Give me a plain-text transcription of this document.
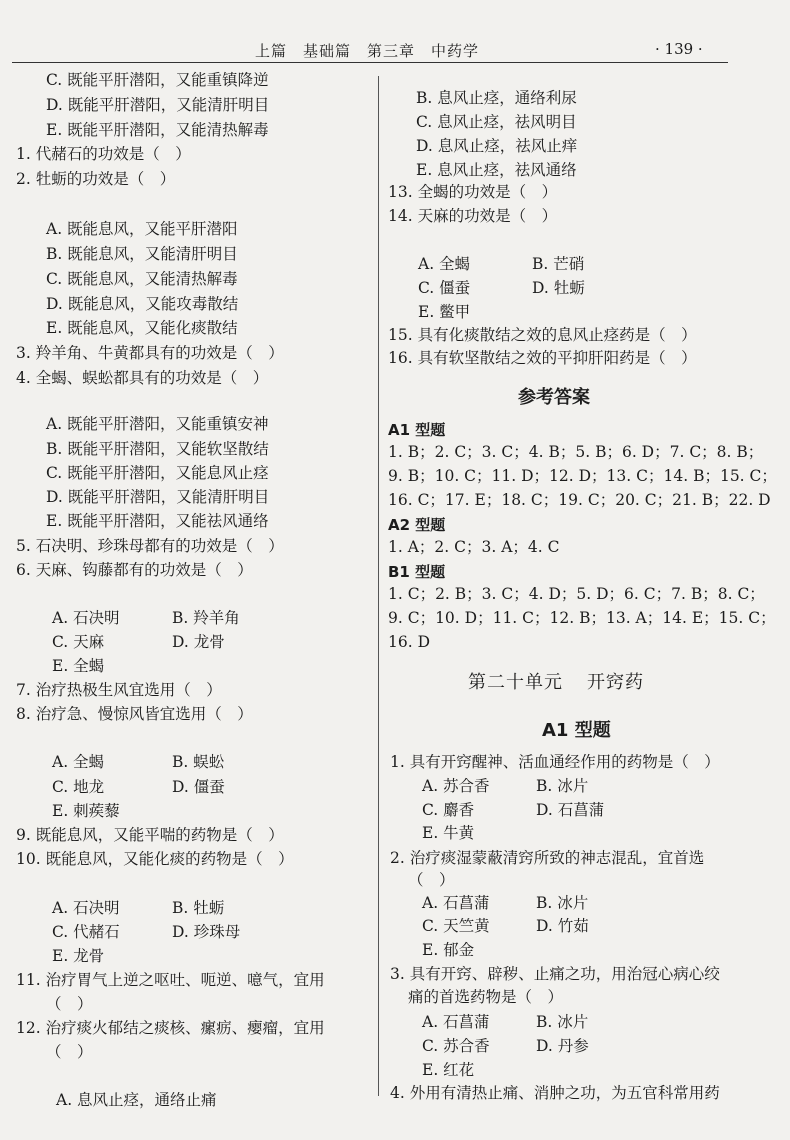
上篇　基础篇　第三章　中药学	· 139 ·
C. 既能平肝潜阳，又能重镇降逆
D. 既能平肝潜阳，又能清肝明目
E. 既能平肝潜阳，又能清热解毒
1. 代赭石的功效是（　）
2. 牡蛎的功效是（　）
A. 既能息风，又能平肝潜阳
B. 既能息风，又能清肝明目
C. 既能息风，又能清热解毒
D. 既能息风，又能攻毒散结
E. 既能息风，又能化痰散结
3. 羚羊角、牛黄都具有的功效是（　）
4. 全蝎、蜈蚣都具有的功效是（　）
A. 既能平肝潜阳，又能重镇安神
B. 既能平肝潜阳，又能软坚散结
C. 既能平肝潜阳，又能息风止痉
D. 既能平肝潜阳，又能清肝明目
E. 既能平肝潜阳，又能祛风通络
5. 石决明、珍珠母都有的功效是（　）
6. 天麻、钩藤都有的功效是（　）
A. 石决明	B. 羚羊角
C. 天麻	D. 龙骨
E. 全蝎
7. 治疗热极生风宜选用（　）
8. 治疗急、慢惊风皆宜选用（　）
A. 全蝎	B. 蜈蚣
C. 地龙	D. 僵蚕
E. 刺蒺藜
9. 既能息风，又能平喘的药物是（　）
10. 既能息风，又能化痰的药物是（　）
A. 石决明	B. 牡蛎
C. 代赭石	D. 珍珠母
E. 龙骨
11. 治疗胃气上逆之呕吐、呃逆、噫气，宜用
（　）
12. 治疗痰火郁结之痰核、瘰疬、瘿瘤，宜用
（　）
A. 息风止痉，通络止痛
B. 息风止痉，通络利尿
C. 息风止痉，祛风明目
D. 息风止痉，祛风止痒
E. 息风止痉，祛风通络
13. 全蝎的功效是（　）
14. 天麻的功效是（　）
A. 全蝎	B. 芒硝
C. 僵蚕	D. 牡蛎
E. 鳖甲
15. 具有化痰散结之效的息风止痉药是（　）
16. 具有软坚散结之效的平抑肝阳药是（　）
参考答案
A1 型题
1. B；2. C；3. C；4. B；5. B；6. D；7. C；8. B；
9. B；10. C；11. D；12. D；13. C；14. B；15. C；
16. C；17. E；18. C；19. C；20. C；21. B；22. D
A2 型题
1. A；2. C；3. A；4. C
B1 型题
1. C；2. B；3. C；4. D；5. D；6. C；7. B；8. C；
9. C；10. D；11. C；12. B；13. A；14. E；15. C；
16. D
第二十单元 开窍药
A1 型题
1. 具有开窍醒神、活血通经作用的药物是（　）
A. 苏合香	B. 冰片
C. 麝香	D. 石菖蒲
E. 牛黄
2. 治疗痰湿蒙蔽清窍所致的神志混乱，宜首选
（　）
A. 石菖蒲	B. 冰片
C. 天竺黄	D. 竹茹
E. 郁金
3. 具有开窍、辟秽、止痛之功，用治冠心病心绞
痛的首选药物是（　）
A. 石菖蒲	B. 冰片
C. 苏合香	D. 丹参
E. 红花
4. 外用有清热止痛、消肿之功，为五官科常用药
